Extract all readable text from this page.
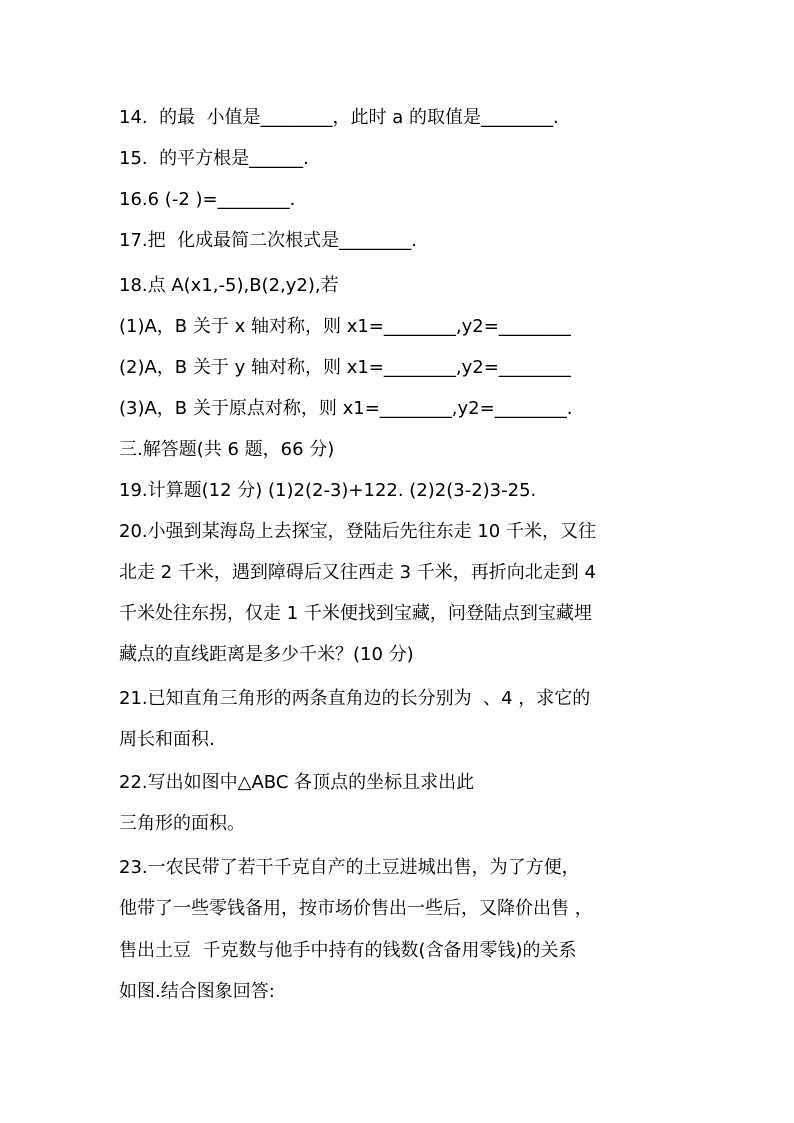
14.  的最  小值是________，此时 a 的取值是________.

15.  的平方根是______.

16.6 (-2 )=________.

17.把  化成最简二次根式是________.

18.点 A(x1,-5),B(2,y2),若

(1)A，B 关于 x 轴对称，则 x1=________,y2=________

(2)A，B 关于 y 轴对称，则 x1=________,y2=________

(3)A，B 关于原点对称，则 x1=________,y2=________.

三.解答题(共 6 题，66 分)

19.计算题(12 分) (1)2(2-3)+122. (2)2(3-2)3-25.

20.小强到某海岛上去探宝，登陆后先往东走 10 千米，又往

北走 2 千米，遇到障碍后又往西走 3 千米，再折向北走到 4

千米处往东拐，仅走 1 千米便找到宝藏，问登陆点到宝藏埋

藏点的直线距离是多少千米？(10 分)

21.已知直角三角形的两条直角边的长分别为  、4 ，求它的

周长和面积.

22.写出如图中△ABC 各顶点的坐标且求出此

三角形的面积。

23.一农民带了若干千克自产的土豆进城出售，为了方便，

他带了一些零钱备用，按市场价售出一些后，又降价出售 ，

售出土豆  千克数与他手中持有的钱数(含备用零钱)的关系

如图.结合图象回答:
